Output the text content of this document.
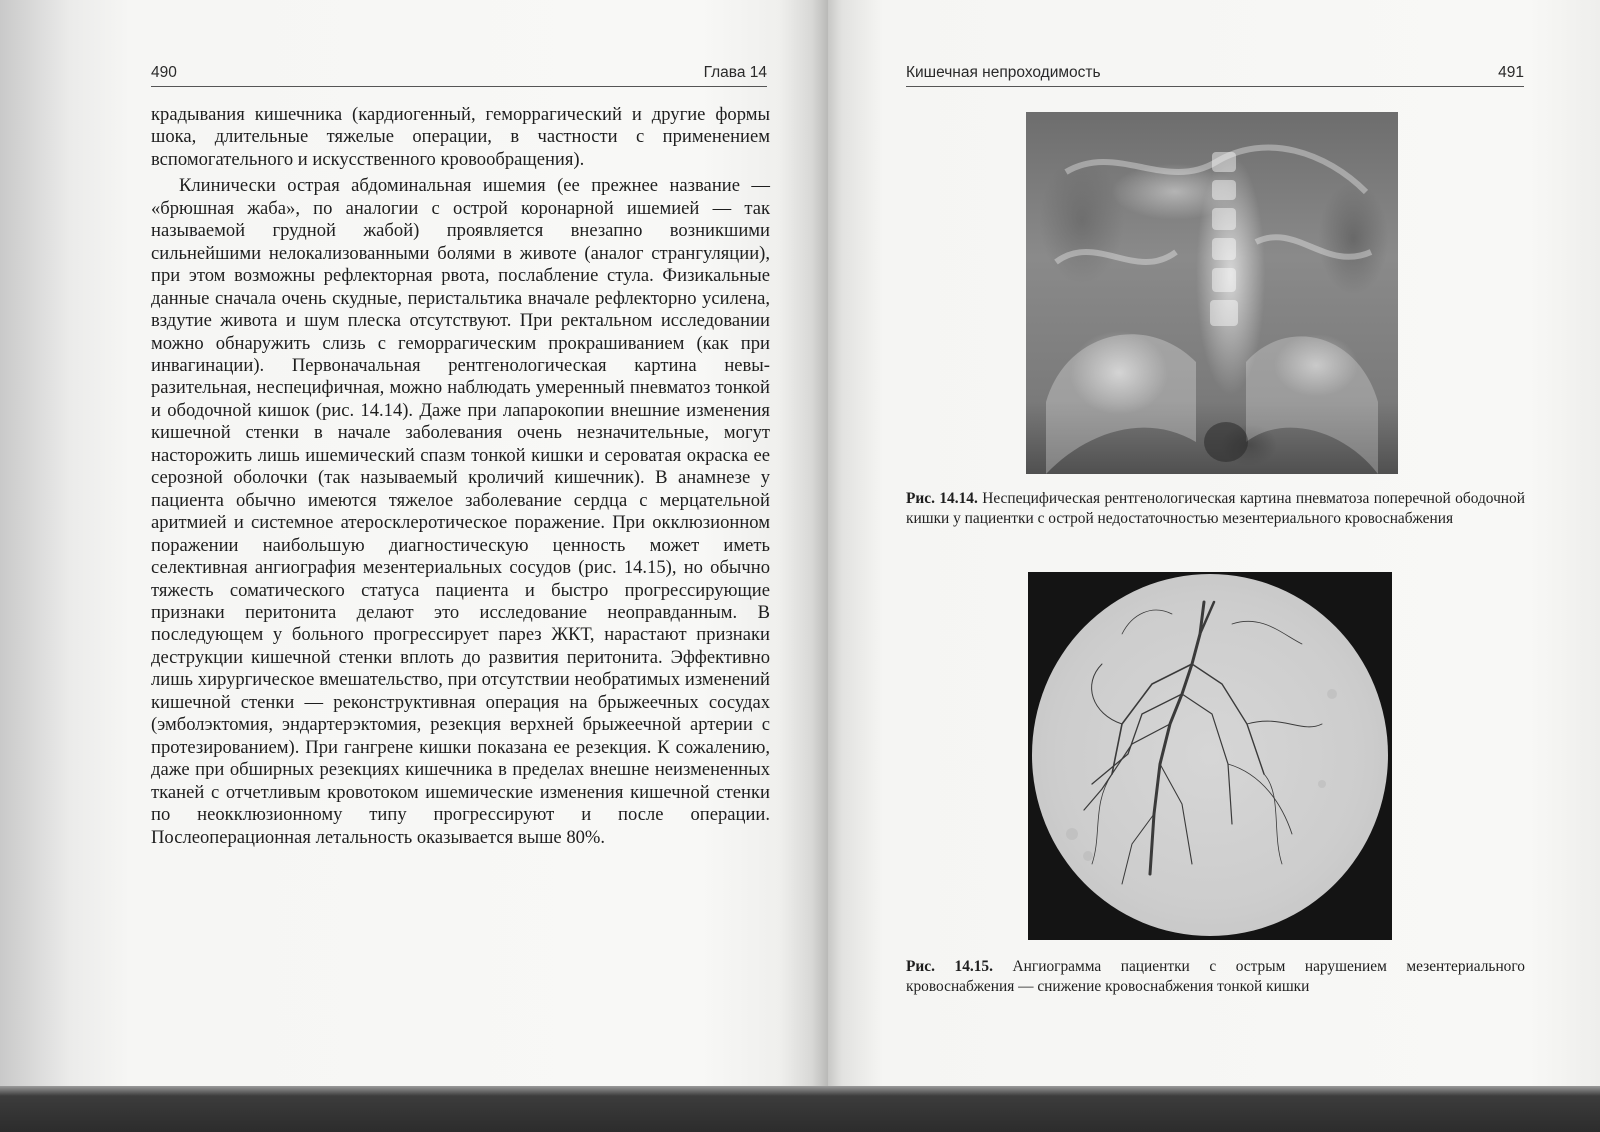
490	Глава 14	Кишечная непроходимость	491

крадывания кишечника (кардиогенный, геморрагический и другие формы шока, длительные тяжелые операции, в частности с применением вспомогательного и искусственного кровообращения).

Клинически острая абдоминальная ишемия (ее прежнее название — «брюшная жаба», по аналогии с острой коронарной ишемией — так называемой грудной жабой) проявляется внезапно возникшими сильнейшими нелокализованными болями в животе (аналог странгуляции), при этом возможны рефлекторная рвота, послабление стула. Физикальные данные сначала очень скудные, перистальтика вначале рефлекторно усилена, вздутие живота и шум плеска отсутствуют. При ректальном исследовании можно обнаружить слизь с геморрагическим прокрашиванием (как при инвагинации). Первоначальная рентгенологическая картина невыразительная, неспецифичная, можно наблюдать умеренный пневматоз тонкой и ободочной кишок (рис. 14.14). Даже при лапарокопии внешние изменения кишечной стенки в начале заболевания очень незначительные, могут насторожить лишь ишемический спазм тонкой кишки и сероватая окраска ее серозной оболочки (так называемый кроличий кишечник). В анамнезе у пациента обычно имеются тяжелое заболевание сердца с мерцательной аритмией и системное атеросклеротическое поражение. При окклюзионном поражении наибольшую диагностическую ценность может иметь селективная ангиография мезентериальных сосудов (рис. 14.15), но обычно тяжесть соматического статуса пациента и быстро прогрессирующие признаки перитонита делают это исследование неоправданным. В последующем у больного прогрессирует парез ЖКТ, нарастают признаки деструкции кишечной стенки вплоть до развития перитонита. Эффективно лишь хирургическое вмешательство, при отсутствии необратимых изменений кишечной стенки — реконструктивная операция на брыжеечных сосудах (эмболэктомия, эндартерэктомия, резекция верхней брыжеечной артерии с протезированием). При гангрене кишки показана ее резекция. К сожалению, даже при обширных резекциях кишечника в пределах внешне неизмененных тканей с отчетливым кровотоком ишемические изменения кишечной стенки по неокклюзионному типу прогрессируют и после операции. Послеоперационная летальность оказывается выше 80%.

Рис. 14.14. Неспецифическая рентгенологическая картина пневматоза поперечной ободочной кишки у пациентки с острой недостаточностью мезентериального кровоснабжения
Рис. 14.15. Ангиограмма пациентки с острым нарушением мезентериального кровоснабжения — снижение кровоснабжения тонкой кишки
